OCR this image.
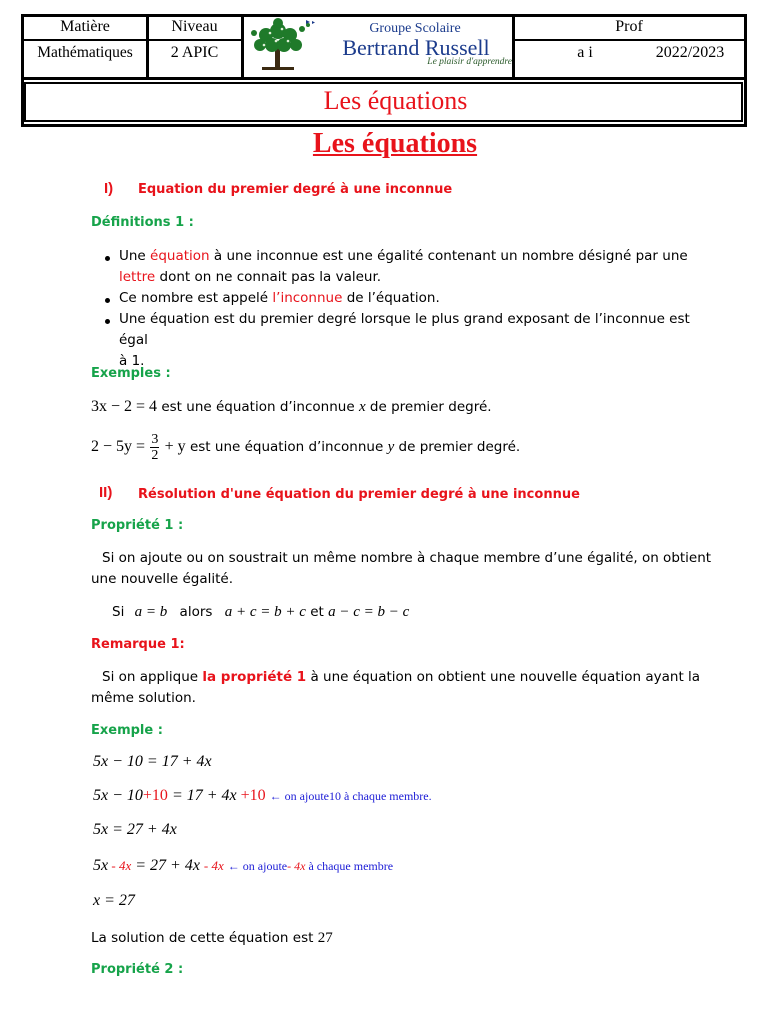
Matière	Niveau	Prof
Mathématiques	2 APIC	a i	2022/2023
Groupe Scolaire
Bertrand Russell
Le plaisir d'apprendre
Les équations
Les équations
I) Equation du premier degré à une inconnue
Définitions 1 :
Une équation à une inconnue est une égalité contenant un nombre désigné par une
lettre dont on ne connait pas la valeur.
Ce nombre est appelé l’inconnue de l’équation.
Une équation est du premier degré lorsque le plus grand exposant de l’inconnue est égal
à 1.
Exemples :
3x − 2 = 4 est une équation d’inconnue x de premier degré.
$2 - 5y = \frac{3}{2} + y$ est une équation d’inconnue y de premier degré.
II) Résolution d'une équation du premier degré à une inconnue
Propriété 1 :
Si on ajoute ou on soustrait un même nombre à chaque membre d’une égalité, on obtient
une nouvelle égalité.
Si a = b alors a + c = b + c et a − c = b − c
Remarque 1:
Si on applique la propriété 1 à une équation on obtient une nouvelle équation ayant la
même solution.
Exemple :
5x − 10 = 17 + 4x
5x − 10+10 = 17 + 4x +10 ← on ajoute10 à chaque membre.
5x = 27 + 4x
5x - 4x = 27 + 4x - 4x ← on ajoute- 4x à chaque membre
x = 27
La solution de cette équation est 27
Propriété 2 :
